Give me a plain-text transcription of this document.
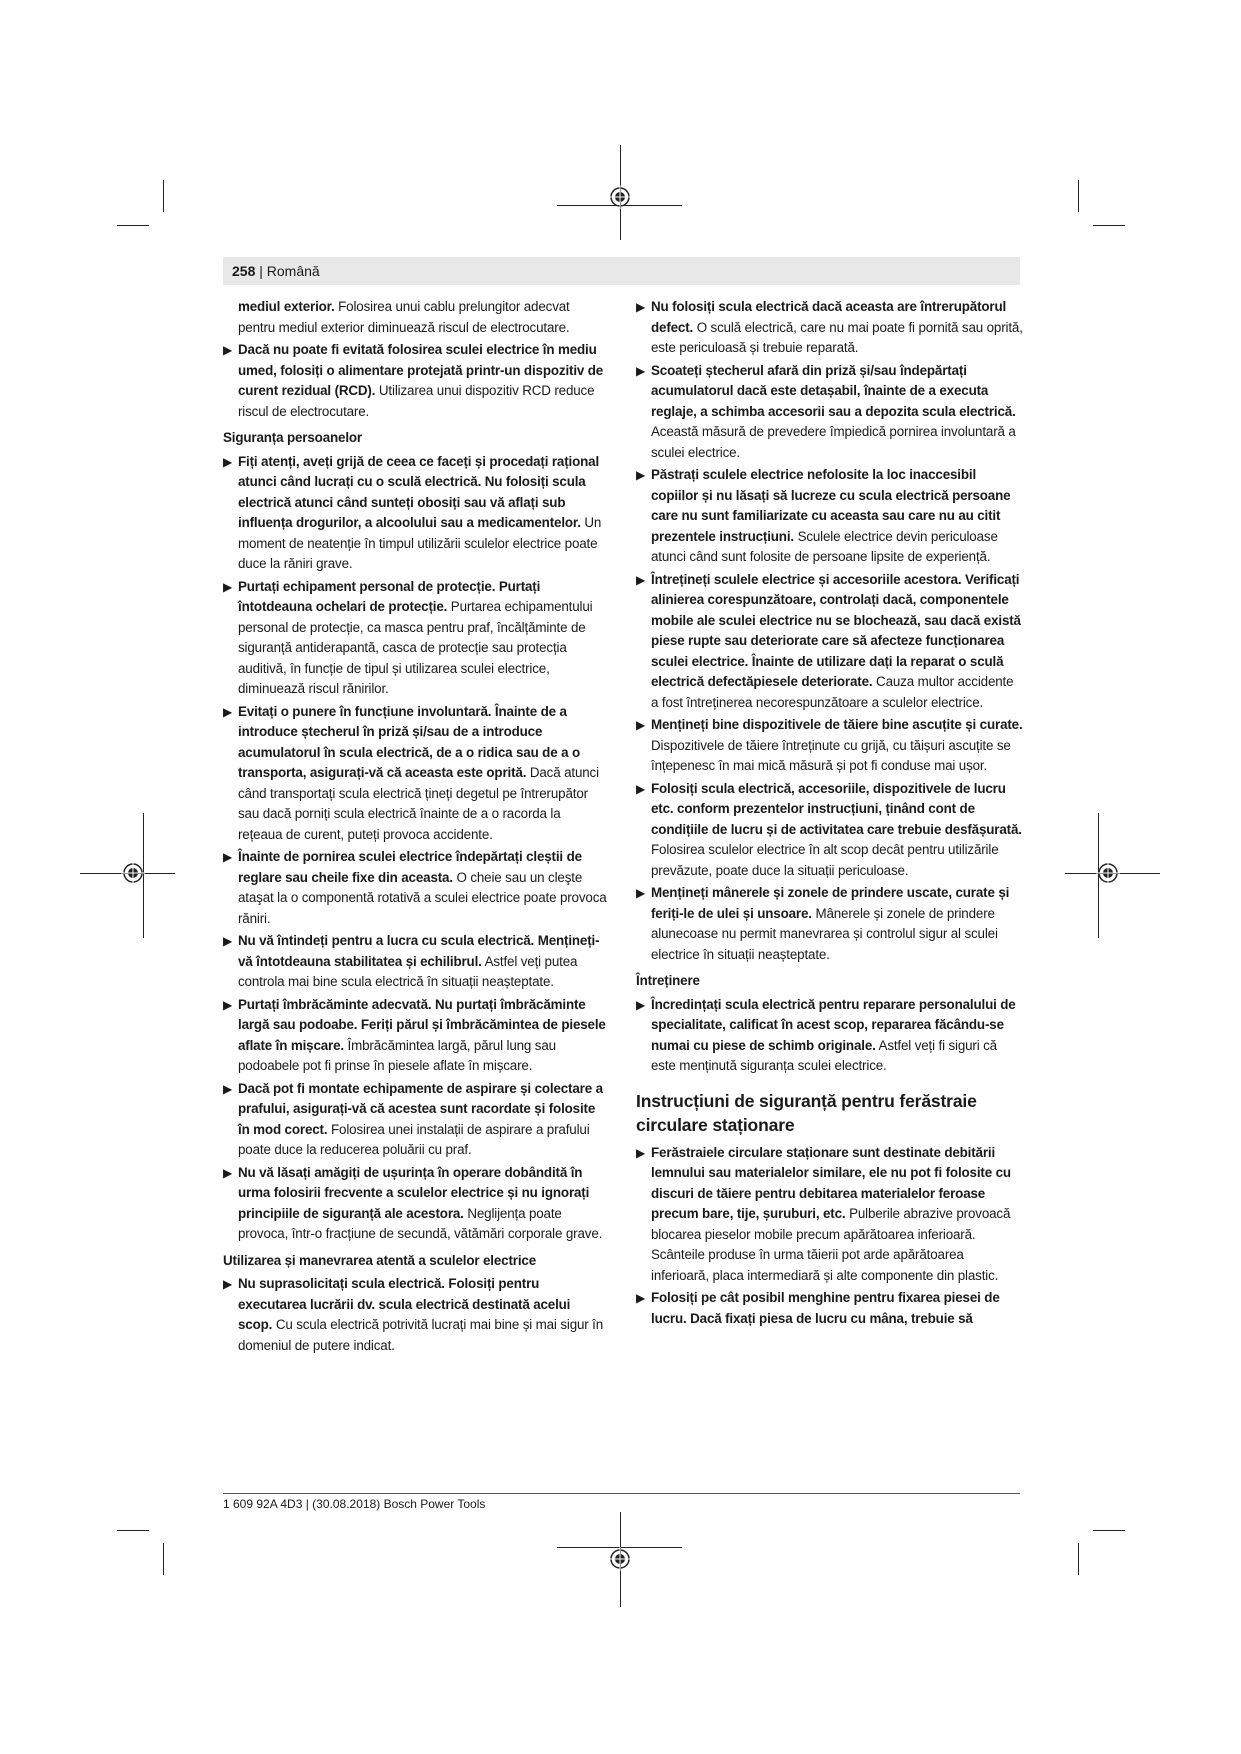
258 | Română
mediul exterior. Folosirea unui cablu prelungitor adecvat pentru mediul exterior diminuează riscul de electrocutare.
▶ Dacă nu poate fi evitată folosirea sculei electrice în mediu umed, folosiți o alimentare protejată printr-un dispozitiv de curent rezidual (RCD). Utilizarea unui dispozitiv RCD reduce riscul de electrocutare.
Siguranța persoanelor
▶ Fiți atenți, aveți grijă de ceea ce faceți și procedați rațional atunci când lucrați cu o sculă electrică. Nu folosiți scula electrică atunci când sunteți obosiți sau vă aflați sub influența drogurilor, a alcoolului sau a medicamentelor. Un moment de neatenție în timpul utilizării sculelor electrice poate duce la răniri grave.
▶ Purtați echipament personal de protecție. Purtați întotdeauna ochelari de protecție. Purtarea echipamentului personal de protecție, ca masca pentru praf, încălțăminte de siguranță antiderapantă, casca de protecție sau protecția auditivă, în funcție de tipul și utilizarea sculei electrice, diminuează riscul rănirilor.
▶ Evitați o punere în funcțiune involuntară. Înainte de a introduce ștecherul în priză și/sau de a introduce acumulatorul în scula electrică, de a o ridica sau de a o transporta, asigurați-vă că aceasta este oprită. Dacă atunci când transportați scula electrică țineți degetul pe întrerupător sau dacă porniți scula electrică înainte de a o racorda la rețeaua de curent, puteți provoca accidente.
▶ Înainte de pornirea sculei electrice îndepărtați cleștii de reglare sau cheile fixe din aceasta. O cheie sau un cleşte ataşat la o componentă rotativă a sculei electrice poate provoca răniri.
▶ Nu vă întindeți pentru a lucra cu scula electrică. Mențineți-vă întotdeauna stabilitatea și echilibrul. Astfel veți putea controla mai bine scula electrică în situații neașteptate.
▶ Purtați îmbrăcăminte adecvată. Nu purtați îmbrăcăminte largă sau podoabe. Feriți părul și îmbrăcămintea de piesele aflate în mișcare. Îmbrăcămintea largă, părul lung sau podoabele pot fi prinse în piesele aflate în mișcare.
▶ Dacă pot fi montate echipamente de aspirare și colectare a prafului, asigurați-vă că acestea sunt racordate și folosite în mod corect. Folosirea unei instalații de aspirare a prafului poate duce la reducerea poluării cu praf.
▶ Nu vă lăsați amăgiți de ușurința în operare dobândită în urma folosirii frecvente a sculelor electrice și nu ignorați principiile de siguranță ale acestora. Neglijența poate provoca, într-o fracțiune de secundă, vătămări corporale grave.
Utilizarea și manevrarea atentă a sculelor electrice
▶ Nu suprasolicitați scula electrică. Folosiți pentru executarea lucrării dv. scula electrică destinată acelui scop. Cu scula electrică potrivită lucrați mai bine și mai sigur în domeniul de putere indicat.
▶ Nu folosiți scula electrică dacă aceasta are întrerupătorul defect. O sculă electrică, care nu mai poate fi pornită sau oprită, este periculoasă și trebuie reparată.
▶ Scoateți ștecherul afară din priză și/sau îndepărtați acumulatorul dacă este detașabil, înainte de a executa reglaje, a schimba accesorii sau a depozita scula electrică. Această măsură de prevedere împiedică pornirea involuntară a sculei electrice.
▶ Păstrați sculele electrice nefolosite la loc inaccesibil copiilor și nu lăsați să lucreze cu scula electrică persoane care nu sunt familiarizate cu aceasta sau care nu au citit prezentele instrucțiuni. Sculele electrice devin periculoase atunci când sunt folosite de persoane lipsite de experiență.
▶ Întrețineți sculele electrice și accesoriile acestora. Verificați alinierea corespunzătoare, controlați dacă, componentele mobile ale sculei electrice nu se blochează, sau dacă există piese rupte sau deteriorate care să afecteze funcționarea sculei electrice. Înainte de utilizare dați la reparat o sculă electrică defectăpiesele deteriorate. Cauza multor accidente a fost întreținerea necorespunzătoare a sculelor electrice.
▶ Mențineți bine dispozitivele de tăiere bine ascuțite și curate. Dispozitivele de tăiere întreținute cu grijă, cu tăișuri ascuțite se înțepenesc în mai mică măsură și pot fi conduse mai ușor.
▶ Folosiți scula electrică, accesoriile, dispozitivele de lucru etc. conform prezentelor instrucțiuni, ținând cont de condițiile de lucru și de activitatea care trebuie desfășurată. Folosirea sculelor electrice în alt scop decât pentru utilizările prevăzute, poate duce la situații periculoase.
▶ Mențineți mânerele și zonele de prindere uscate, curate și feriți-le de ulei și unsoare. Mânerele și zonele de prindere alunecoase nu permit manevrarea și controlul sigur al sculei electrice în situații neașteptate.
Întreținere
▶ Încredințați scula electrică pentru reparare personalului de specialitate, calificat în acest scop, repararea făcându-se numai cu piese de schimb originale. Astfel veți fi siguri că este menținută siguranța sculei electrice.
Instrucțiuni de siguranță pentru ferăstraie circulare staționare
▶ Ferăstraiele circulare staționare sunt destinate debitării lemnului sau materialelor similare, ele nu pot fi folosite cu discuri de tăiere pentru debitarea materialelor feroase precum bare, tije, șuruburi, etc. Pulberile abrazive provoacă blocarea pieselor mobile precum apărătoarea inferioară. Scânteile produse în urma tăierii pot arde apărătoarea inferioară, placa intermediară și alte componente din plastic.
▶ Folosiți pe cât posibil menghine pentru fixarea piesei de lucru. Dacă fixați piesa de lucru cu mâna, trebuie să
1 609 92A 4D3 | (30.08.2018) Bosch Power Tools
